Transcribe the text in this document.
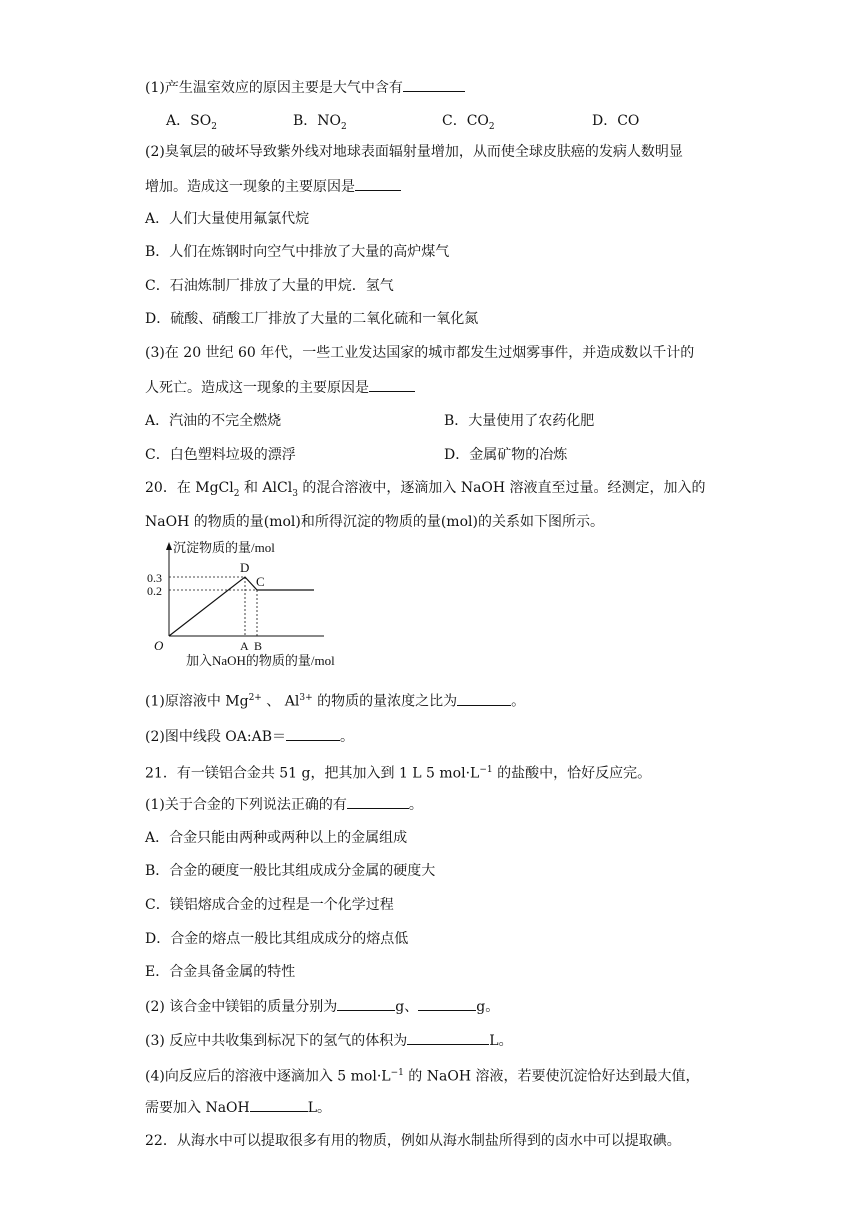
(1)产生温室效应的原因主要是大气中含有
A．$SO_2$	B．$NO_2$	C．$CO_2$	D．CO
(2)臭氧层的破坏导致紫外线对地球表面辐射量增加，从而使全球皮肤癌的发病人数明显
增加。造成这一现象的主要原因是
A．人们大量使用氟氯代烷
B．人们在炼钢时向空气中排放了大量的高炉煤气
C．石油炼制厂排放了大量的甲烷．氢气
D．硫酸、硝酸工厂排放了大量的二氧化硫和一氧化氮
(3)在 20 世纪 60 年代，一些工业发达国家的城市都发生过烟雾事件，并造成数以千计的
人死亡。造成这一现象的主要原因是
A．汽油的不完全燃烧	B．大量使用了农药化肥
C．白色塑料垃圾的漂浮	D．金属矿物的冶炼
20．在 MgCl$_2$ 和 AlCl$_3$ 的混合溶液中，逐滴加入 NaOH 溶液直至过量。经测定，加入的
NaOH 的物质的量(mol)和所得沉淀的物质的量(mol)的关系如下图所示。
沉淀物质的量/mol
0.3
0.2
D
C
O	A B
加入NaOH的物质的量/mol
(1)原溶液中 $Mg^{2+}$ 、 $Al^{3+}$ 的物质的量浓度之比为	。
(2)图中线段 OA:AB＝	。
21．有一镁铝合金共 51 g，把其加入到 1 L 5 $mol\cdot L^{-1}$ 的盐酸中，恰好反应完。
(1)关于合金的下列说法正确的有	。
A．合金只能由两种或两种以上的金属组成
B．合金的硬度一般比其组成成分金属的硬度大
C．镁铝熔成合金的过程是一个化学过程
D．合金的熔点一般比其组成成分的熔点低
E．合金具备金属的特性
(2) 该合金中镁铝的质量分别为	g、	g。
(3) 反应中共收集到标况下的氢气的体积为	L。
(4)向反应后的溶液中逐滴加入 5 $mol\cdot L^{-1}$ 的 NaOH 溶液，若要使沉淀恰好达到最大值，
需要加入 NaOH	L。
22．从海水中可以提取很多有用的物质，例如从海水制盐所得到的卤水中可以提取碘。
